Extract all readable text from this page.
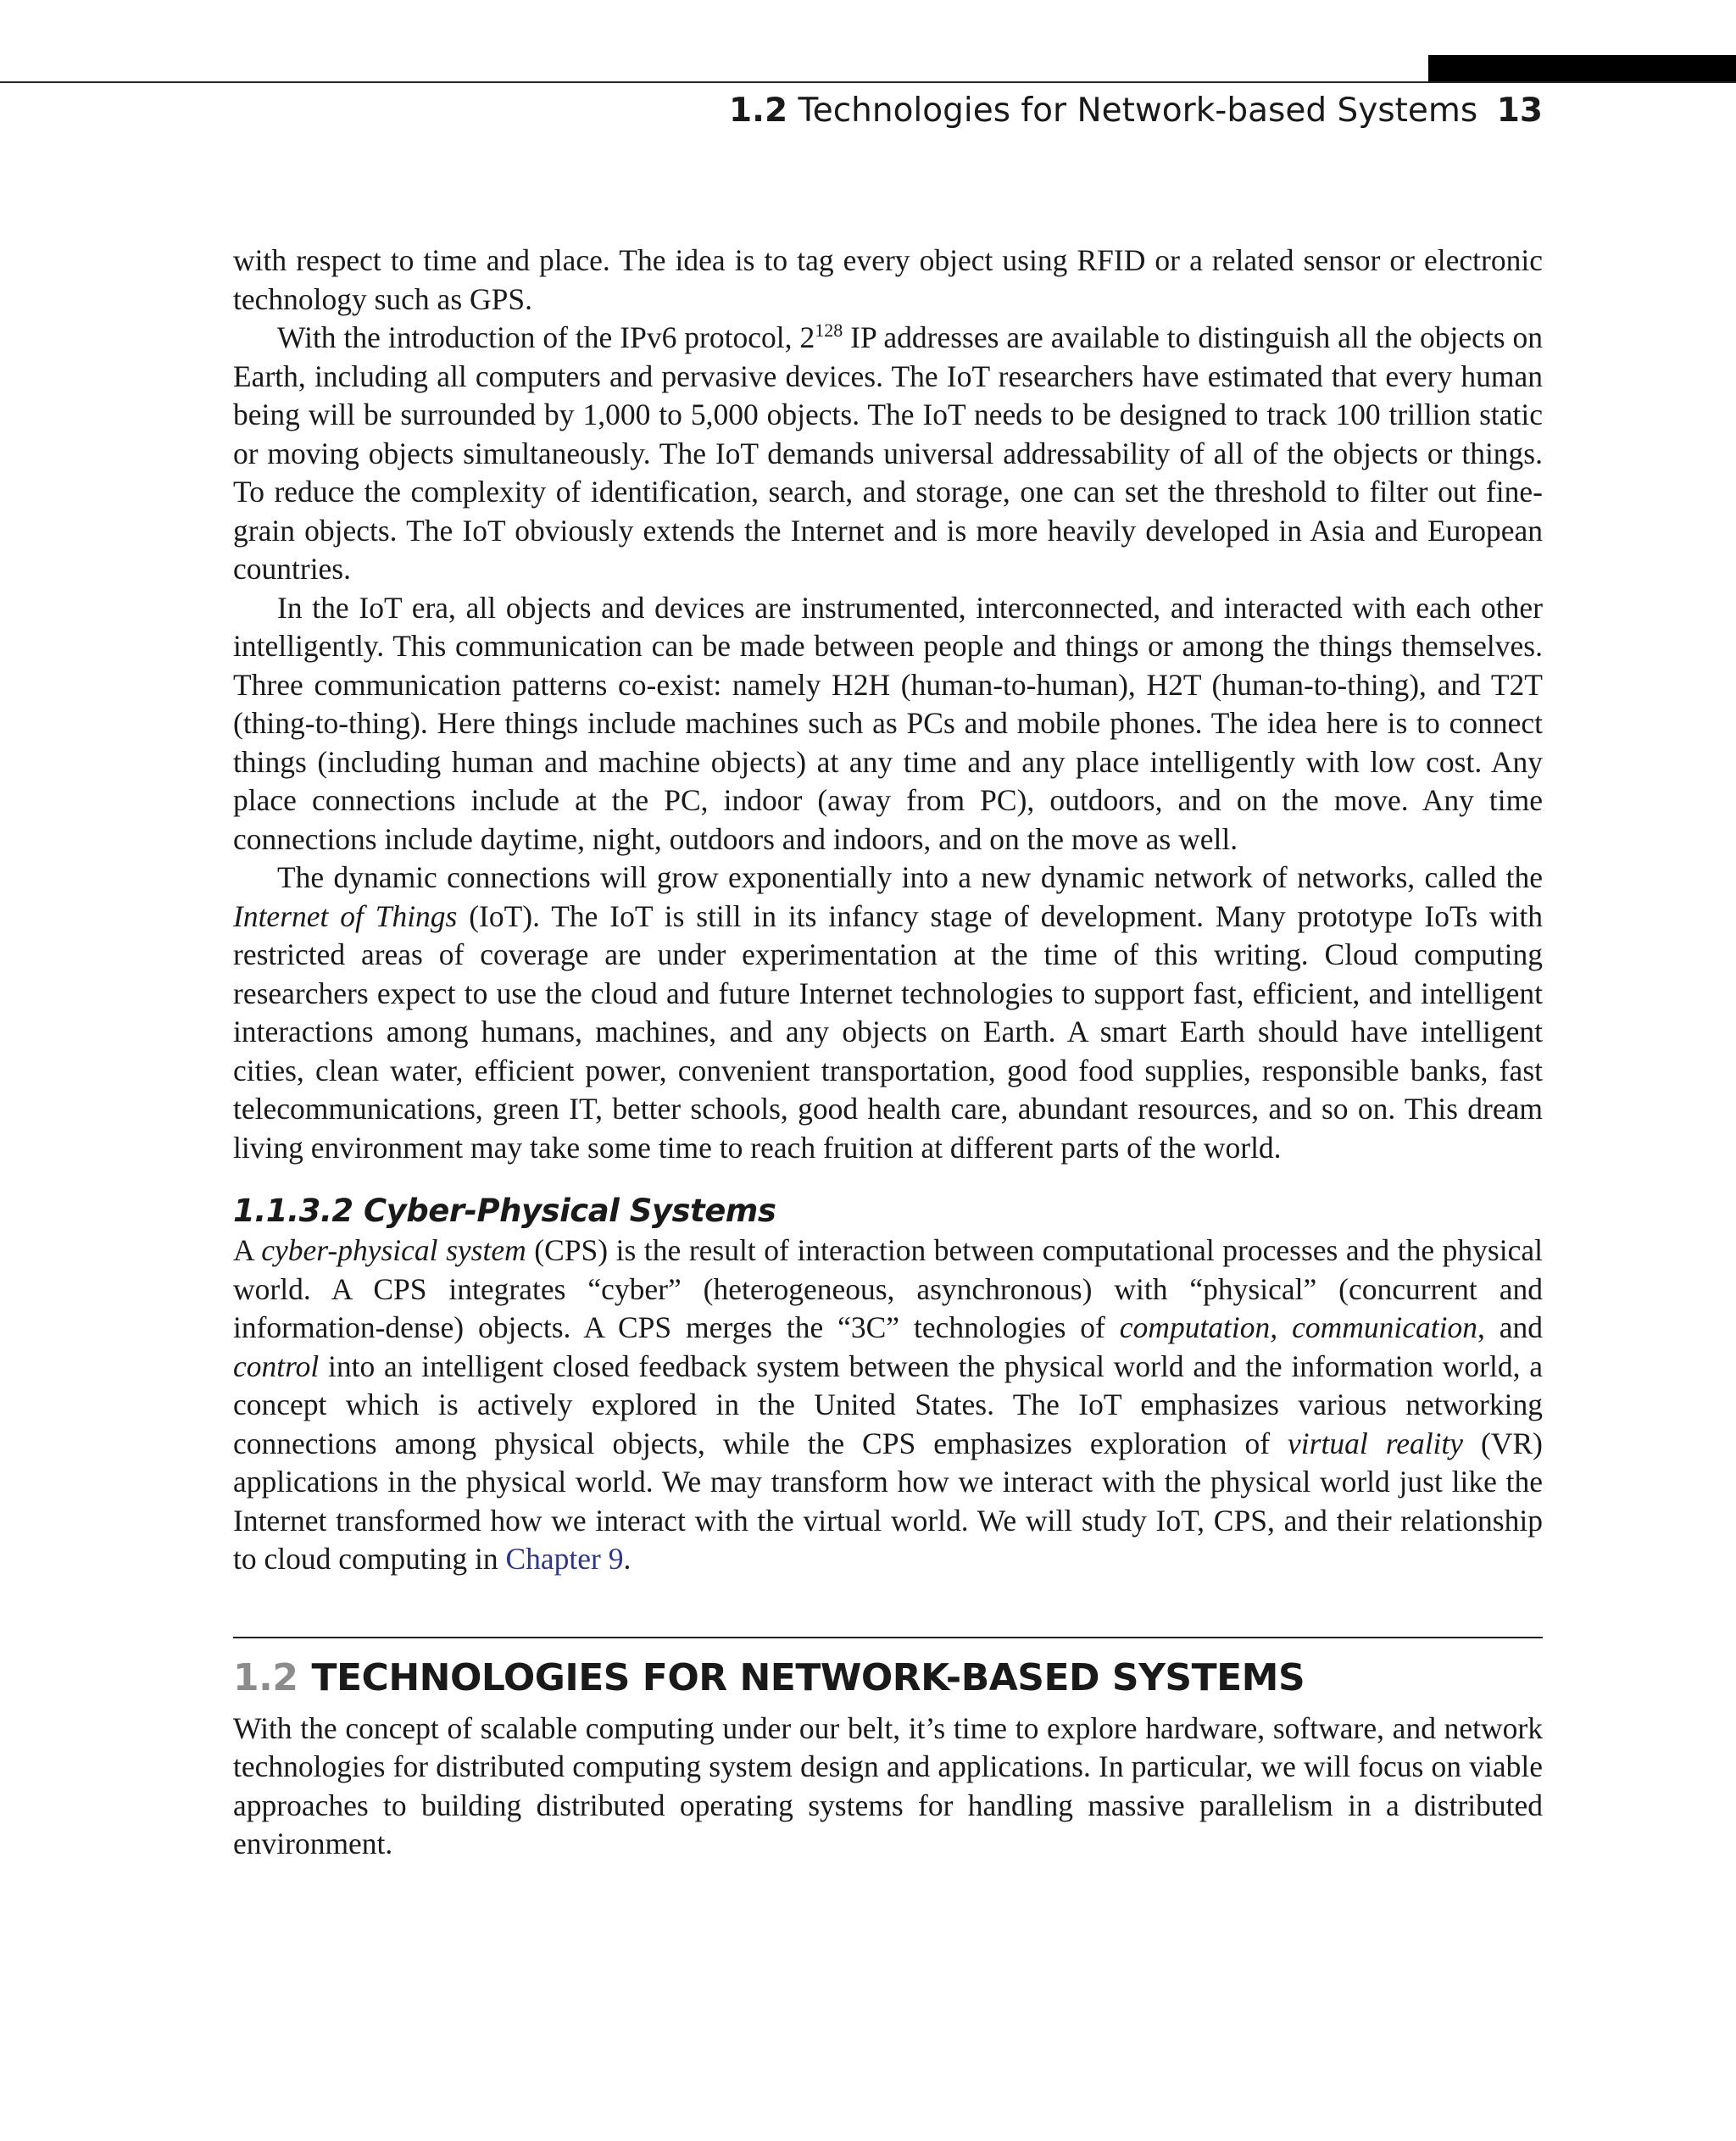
1.2 Technologies for Network-based Systems 13

with respect to time and place. The idea is to tag every object using RFID or a related sensor or electronic technology such as GPS.

With the introduction of the IPv6 protocol, $2^{128}$ IP addresses are available to distinguish all the objects on Earth, including all computers and pervasive devices. The IoT researchers have estimated that every human being will be surrounded by 1,000 to 5,000 objects. The IoT needs to be designed to track 100 trillion static or moving objects simultaneously. The IoT demands universal addressability of all of the objects or things. To reduce the complexity of identification, search, and storage, one can set the threshold to filter out fine-grain objects. The IoT obviously extends the Internet and is more heavily developed in Asia and European countries.

In the IoT era, all objects and devices are instrumented, interconnected, and interacted with each other intelligently. This communication can be made between people and things or among the things themselves. Three communication patterns co-exist: namely H2H (human-to-human), H2T (human-to-thing), and T2T (thing-to-thing). Here things include machines such as PCs and mobile phones. The idea here is to connect things (including human and machine objects) at any time and any place intelligently with low cost. Any place connections include at the PC, indoor (away from PC), outdoors, and on the move. Any time connections include daytime, night, outdoors and indoors, and on the move as well.

The dynamic connections will grow exponentially into a new dynamic network of networks, called the Internet of Things (IoT). The IoT is still in its infancy stage of development. Many prototype IoTs with restricted areas of coverage are under experimentation at the time of this writing. Cloud computing researchers expect to use the cloud and future Internet technologies to support fast, efficient, and intelligent interactions among humans, machines, and any objects on Earth. A smart Earth should have intelligent cities, clean water, efficient power, convenient transportation, good food supplies, responsible banks, fast telecommunications, green IT, better schools, good health care, abundant resources, and so on. This dream living environment may take some time to reach fruition at different parts of the world.

1.1.3.2 Cyber-Physical Systems

A cyber-physical system (CPS) is the result of interaction between computational processes and the physical world. A CPS integrates “cyber” (heterogeneous, asynchronous) with “physical” (concurrent and information-dense) objects. A CPS merges the “3C” technologies of computation, communication, and control into an intelligent closed feedback system between the physical world and the information world, a concept which is actively explored in the United States. The IoT emphasizes various networking connections among physical objects, while the CPS emphasizes exploration of virtual reality (VR) applications in the physical world. We may transform how we interact with the physical world just like the Internet transformed how we interact with the virtual world. We will study IoT, CPS, and their relationship to cloud computing in Chapter 9.

1.2 TECHNOLOGIES FOR NETWORK-BASED SYSTEMS

With the concept of scalable computing under our belt, it’s time to explore hardware, software, and network technologies for distributed computing system design and applications. In particular, we will focus on viable approaches to building distributed operating systems for handling massive parallelism in a distributed environment.
